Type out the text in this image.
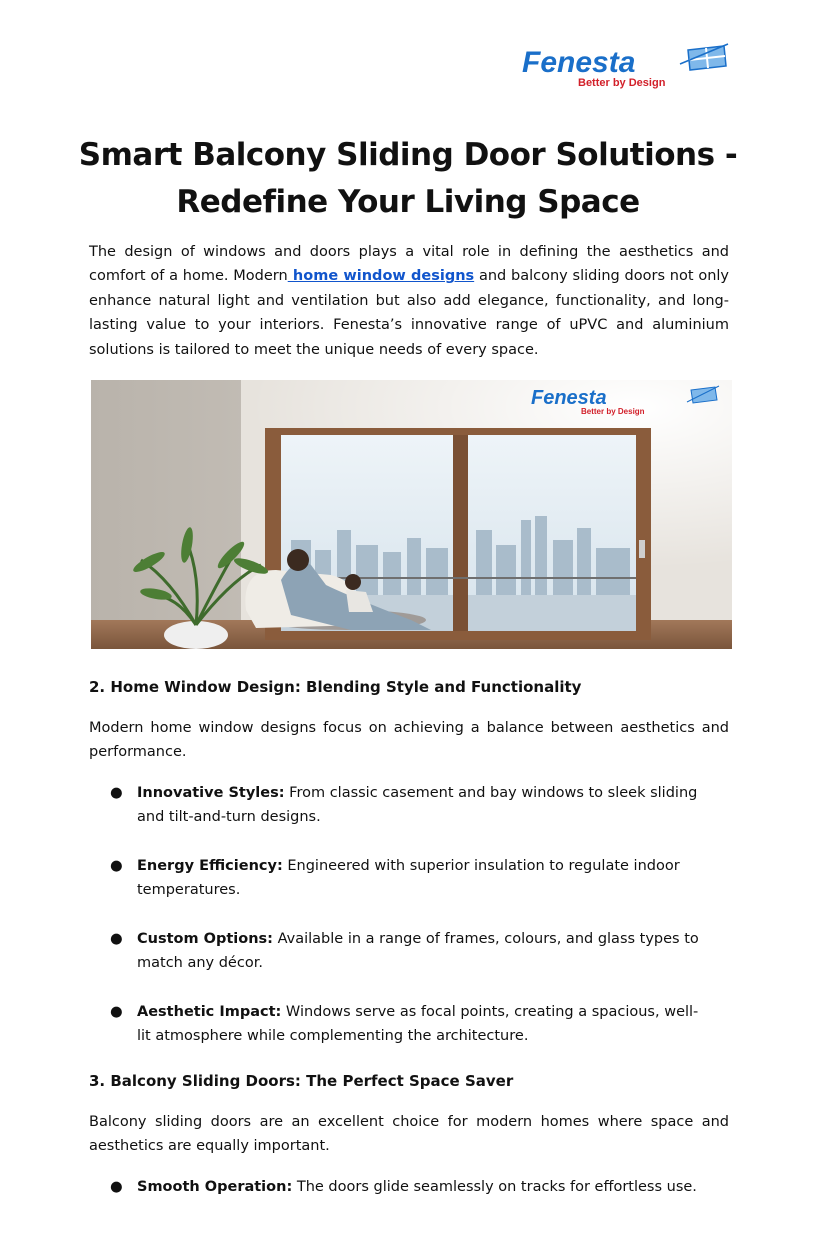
Fenesta
Better by Design
Smart Balcony Sliding Door Solutions -
Redefine Your Living Space

The design of windows and doors plays a vital role in defining the aesthetics and comfort of a home. Modern home window designs and balcony sliding doors not only enhance natural light and ventilation but also add elegance, functionality, and long-lasting value to your interiors. Fenesta’s innovative range of uPVC and aluminium solutions is tailored to meet the unique needs of every space.

Fenesta
Better by Design
2. Home Window Design: Blending Style and Functionality

Modern home window designs focus on achieving a balance between aesthetics and performance.

● Innovative Styles: From classic casement and bay windows to sleek sliding and tilt-and-turn designs.
● Energy Efficiency: Engineered with superior insulation to regulate indoor temperatures.
● Custom Options: Available in a range of frames, colours, and glass types to match any décor.
● Aesthetic Impact: Windows serve as focal points, creating a spacious, well-lit atmosphere while complementing the architecture.
3. Balcony Sliding Doors: The Perfect Space Saver

Balcony sliding doors are an excellent choice for modern homes where space and aesthetics are equally important.

● Smooth Operation: The doors glide seamlessly on tracks for effortless use.
